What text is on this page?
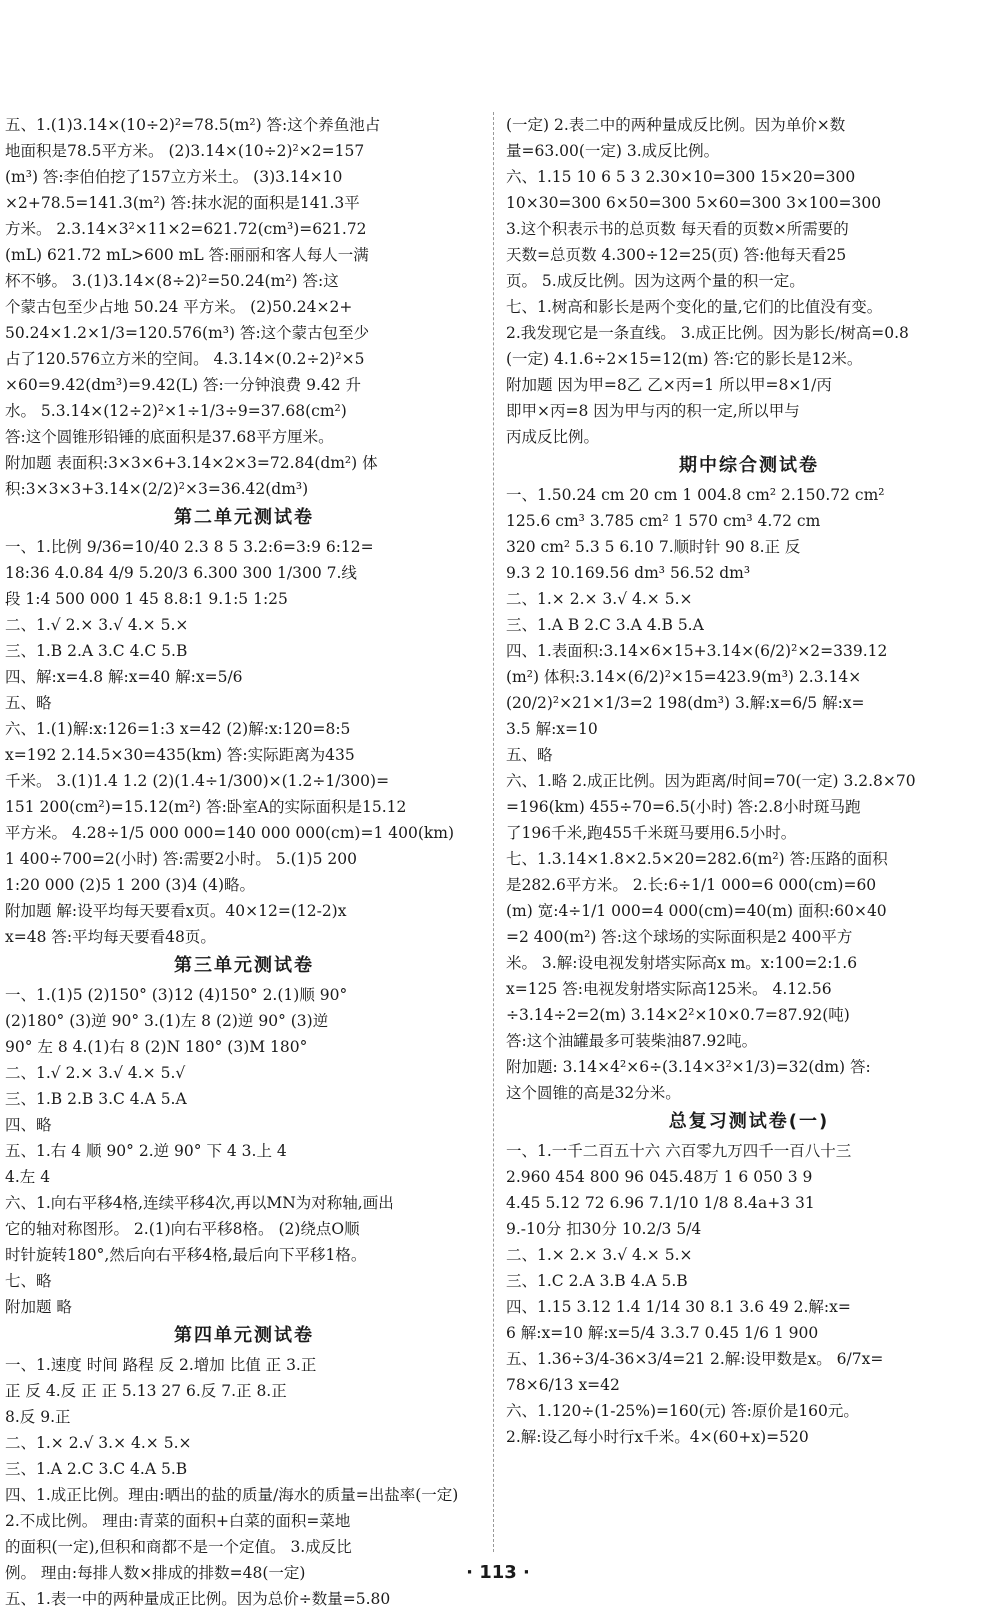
五、1.(1)3.14×(10÷2)²=78.5(m²) 答:这个养鱼池占
地面积是78.5平方米。 (2)3.14×(10÷2)²×2=157
(m³) 答:李伯伯挖了157立方米土。 (3)3.14×10
×2+78.5=141.3(m²) 答:抹水泥的面积是141.3平
方米。 2.3.14×3²×11×2=621.72(cm³)=621.72
(mL) 621.72 mL>600 mL 答:丽丽和客人每人一满
杯不够。 3.(1)3.14×(8÷2)²=50.24(m²) 答:这
个蒙古包至少占地 50.24 平方米。 (2)50.24×2+
50.24×1.2×1/3=120.576(m³) 答:这个蒙古包至少
占了120.576立方米的空间。 4.3.14×(0.2÷2)²×5
×60=9.42(dm³)=9.42(L) 答:一分钟浪费 9.42 升
水。 5.3.14×(12÷2)²×1÷1/3÷9=37.68(cm²)
答:这个圆锥形铅锤的底面积是37.68平方厘米。
附加题 表面积:3×3×6+3.14×2×3=72.84(dm²) 体
积:3×3×3+3.14×(2/2)²×3=36.42(dm³)
第二单元测试卷
一、1.比例 9/36=10/40 2.3 8 5 3.2:6=3:9 6:12=
18:36 4.0.84 4/9 5.20/3 6.300 300 1/300 7.线
段 1:4 500 000 1 45 8.8:1 9.1:5 1:25
二、1.√ 2.× 3.√ 4.× 5.×
三、1.B 2.A 3.C 4.C 5.B
四、解:x=4.8 解:x=40 解:x=5/6
五、略
六、1.(1)解:x:126=1:3 x=42 (2)解:x:120=8:5
x=192 2.14.5×30=435(km) 答:实际距离为435
千米。 3.(1)1.4 1.2 (2)(1.4÷1/300)×(1.2÷1/300)=
151 200(cm²)=15.12(m²) 答:卧室A的实际面积是15.12
平方米。 4.28÷1/5 000 000=140 000 000(cm)=1 400(km)
1 400÷700=2(小时) 答:需要2小时。 5.(1)5 200
1:20 000 (2)5 1 200 (3)4 (4)略。
附加题 解:设平均每天要看x页。40×12=(12-2)x
x=48 答:平均每天要看48页。
第三单元测试卷
一、1.(1)5 (2)150° (3)12 (4)150° 2.(1)顺 90°
(2)180° (3)逆 90° 3.(1)左 8 (2)逆 90° (3)逆
90° 左 8 4.(1)右 8 (2)N 180° (3)M 180°
二、1.√ 2.× 3.√ 4.× 5.√
三、1.B 2.B 3.C 4.A 5.A
四、略
五、1.右 4 顺 90° 2.逆 90° 下 4 3.上 4
4.左 4
六、1.向右平移4格,连续平移4次,再以MN为对称轴,画出
它的轴对称图形。 2.(1)向右平移8格。 (2)绕点O顺
时针旋转180°,然后向右平移4格,最后向下平移1格。
七、略
附加题 略
第四单元测试卷
一、1.速度 时间 路程 反 2.增加 比值 正 3.正
正 反 4.反 正 正 5.13 27 6.反 7.正 8.正
8.反 9.正
二、1.× 2.√ 3.× 4.× 5.×
三、1.A 2.C 3.C 4.A 5.B
四、1.成正比例。理由:晒出的盐的质量/海水的质量=出盐率(一定)
2.不成比例。 理由:青菜的面积+白菜的面积=菜地
的面积(一定),但积和商都不是一个定值。 3.成反比
例。 理由:每排人数×排成的排数=48(一定)
五、1.表一中的两种量成正比例。因为总价÷数量=5.80
(一定) 2.表二中的两种量成反比例。因为单价×数
量=63.00(一定) 3.成反比例。
六、1.15 10 6 5 3 2.30×10=300 15×20=300
10×30=300 6×50=300 5×60=300 3×100=300
3.这个积表示书的总页数 每天看的页数×所需要的
天数=总页数 4.300÷12=25(页) 答:他每天看25
页。 5.成反比例。因为这两个量的积一定。
七、1.树高和影长是两个变化的量,它们的比值没有变。
2.我发现它是一条直线。 3.成正比例。因为影长/树高=0.8
(一定) 4.1.6÷2×15=12(m) 答:它的影长是12米。
附加题 因为甲=8乙 乙×丙=1 所以甲=8×1/丙
即甲×丙=8 因为甲与丙的积一定,所以甲与
丙成反比例。
期中综合测试卷
一、1.50.24 cm 20 cm 1 004.8 cm² 2.150.72 cm²
125.6 cm³ 3.785 cm² 1 570 cm³ 4.72 cm
320 cm² 5.3 5 6.10 7.顺时针 90 8.正 反
9.3 2 10.169.56 dm³ 56.52 dm³
二、1.× 2.× 3.√ 4.× 5.×
三、1.A B 2.C 3.A 4.B 5.A
四、1.表面积:3.14×6×15+3.14×(6/2)²×2=339.12
(m²) 体积:3.14×(6/2)²×15=423.9(m³) 2.3.14×
(20/2)²×21×1/3=2 198(dm³) 3.解:x=6/5 解:x=
3.5 解:x=10
五、略
六、1.略 2.成正比例。因为距离/时间=70(一定) 3.2.8×70
=196(km) 455÷70=6.5(小时) 答:2.8小时斑马跑
了196千米,跑455千米斑马要用6.5小时。
七、1.3.14×1.8×2.5×20=282.6(m²) 答:压路的面积
是282.6平方米。 2.长:6÷1/1 000=6 000(cm)=60
(m) 宽:4÷1/1 000=4 000(cm)=40(m) 面积:60×40
=2 400(m²) 答:这个球场的实际面积是2 400平方
米。 3.解:设电视发射塔实际高x m。x:100=2:1.6
x=125 答:电视发射塔实际高125米。 4.12.56
÷3.14÷2=2(m) 3.14×2²×10×0.7=87.92(吨)
答:这个油罐最多可装柴油87.92吨。
附加题: 3.14×4²×6÷(3.14×3²×1/3)=32(dm) 答:
这个圆锥的高是32分米。
总复习测试卷(一)
一、1.一千二百五十六 六百零九万四千一百八十三
2.960 454 800 96 045.48万 1 6 050 3 9
4.45 5.12 72 6.96 7.1/10 1/8 8.4a+3 31
9.-10分 扣30分 10.2/3 5/4
二、1.× 2.× 3.√ 4.× 5.×
三、1.C 2.A 3.B 4.A 5.B
四、1.15 3.12 1.4 1/14 30 8.1 3.6 49 2.解:x=
6 解:x=10 解:x=5/4 3.3.7 0.45 1/6 1 900
五、1.36÷3/4-36×3/4=21 2.解:设甲数是x。 6/7x=
78×6/13 x=42
六、1.120÷(1-25%)=160(元) 答:原价是160元。
2.解:设乙每小时行x千米。4×(60+x)=520
· 113 ·
